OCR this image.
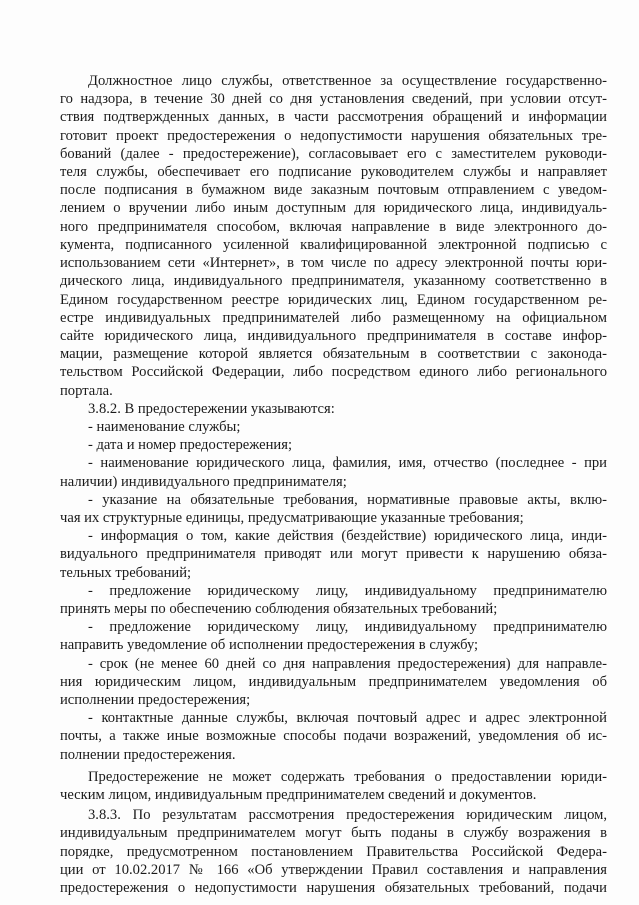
Должностное лицо службы, ответственное за осуществление государственно-
го надзора, в течение 30 дней со дня установления сведений, при условии отсут-
ствия подтвержденных данных, в части рассмотрения обращений и информации
готовит проект предостережения о недопустимости нарушения обязательных тре-
бований (далее - предостережение), согласовывает его с заместителем руководи-
теля службы, обеспечивает его подписание руководителем службы и направляет
после подписания в бумажном виде заказным почтовым отправлением с уведом-
лением о вручении либо иным доступным для юридического лица, индивидуаль-
ного предпринимателя способом, включая направление в виде электронного до-
кумента, подписанного усиленной квалифицированной электронной подписью с
использованием сети «Интернет», в том числе по адресу электронной почты юри-
дического лица, индивидуального предпринимателя, указанному соответственно в
Едином государственном реестре юридических лиц, Едином государственном ре-
естре индивидуальных предпринимателей либо размещенному на официальном
сайте юридического лица, индивидуального предпринимателя в составе инфор-
мации, размещение которой является обязательным в соответствии с законода-
тельством Российской Федерации, либо посредством единого либо регионального
портала.
3.8.2. В предостережении указываются:
- наименование службы;
- дата и номер предостережения;
- наименование юридического лица, фамилия, имя, отчество (последнее - при
наличии) индивидуального предпринимателя;
- указание на обязательные требования, нормативные правовые акты, вклю-
чая их структурные единицы, предусматривающие указанные требования;
- информация о том, какие действия (бездействие) юридического лица, инди-
видуального предпринимателя приводят или могут привести к нарушению обяза-
тельных требований;
- предложение юридическому лицу, индивидуальному предпринимателю
принять меры по обеспечению соблюдения обязательных требований;
- предложение юридическому лицу, индивидуальному предпринимателю
направить уведомление об исполнении предостережения в службу;
- срок (не менее 60 дней со дня направления предостережения) для направле-
ния юридическим лицом, индивидуальным предпринимателем уведомления об
исполнении предостережения;
- контактные данные службы, включая почтовый адрес и адрес электронной
почты, а также иные возможные способы подачи возражений, уведомления об ис-
полнении предостережения.
Предостережение не может содержать требования о предоставлении юриди-
ческим лицом, индивидуальным предпринимателем сведений и документов.
3.8.3. По результатам рассмотрения предостережения юридическим лицом,
индивидуальным предпринимателем могут быть поданы в службу возражения в
порядке, предусмотренном постановлением Правительства Российской Федера-
ции от 10.02.2017 № 166 «Об утверждении Правил составления и направления
предостережения о недопустимости нарушения обязательных требований, подачи
